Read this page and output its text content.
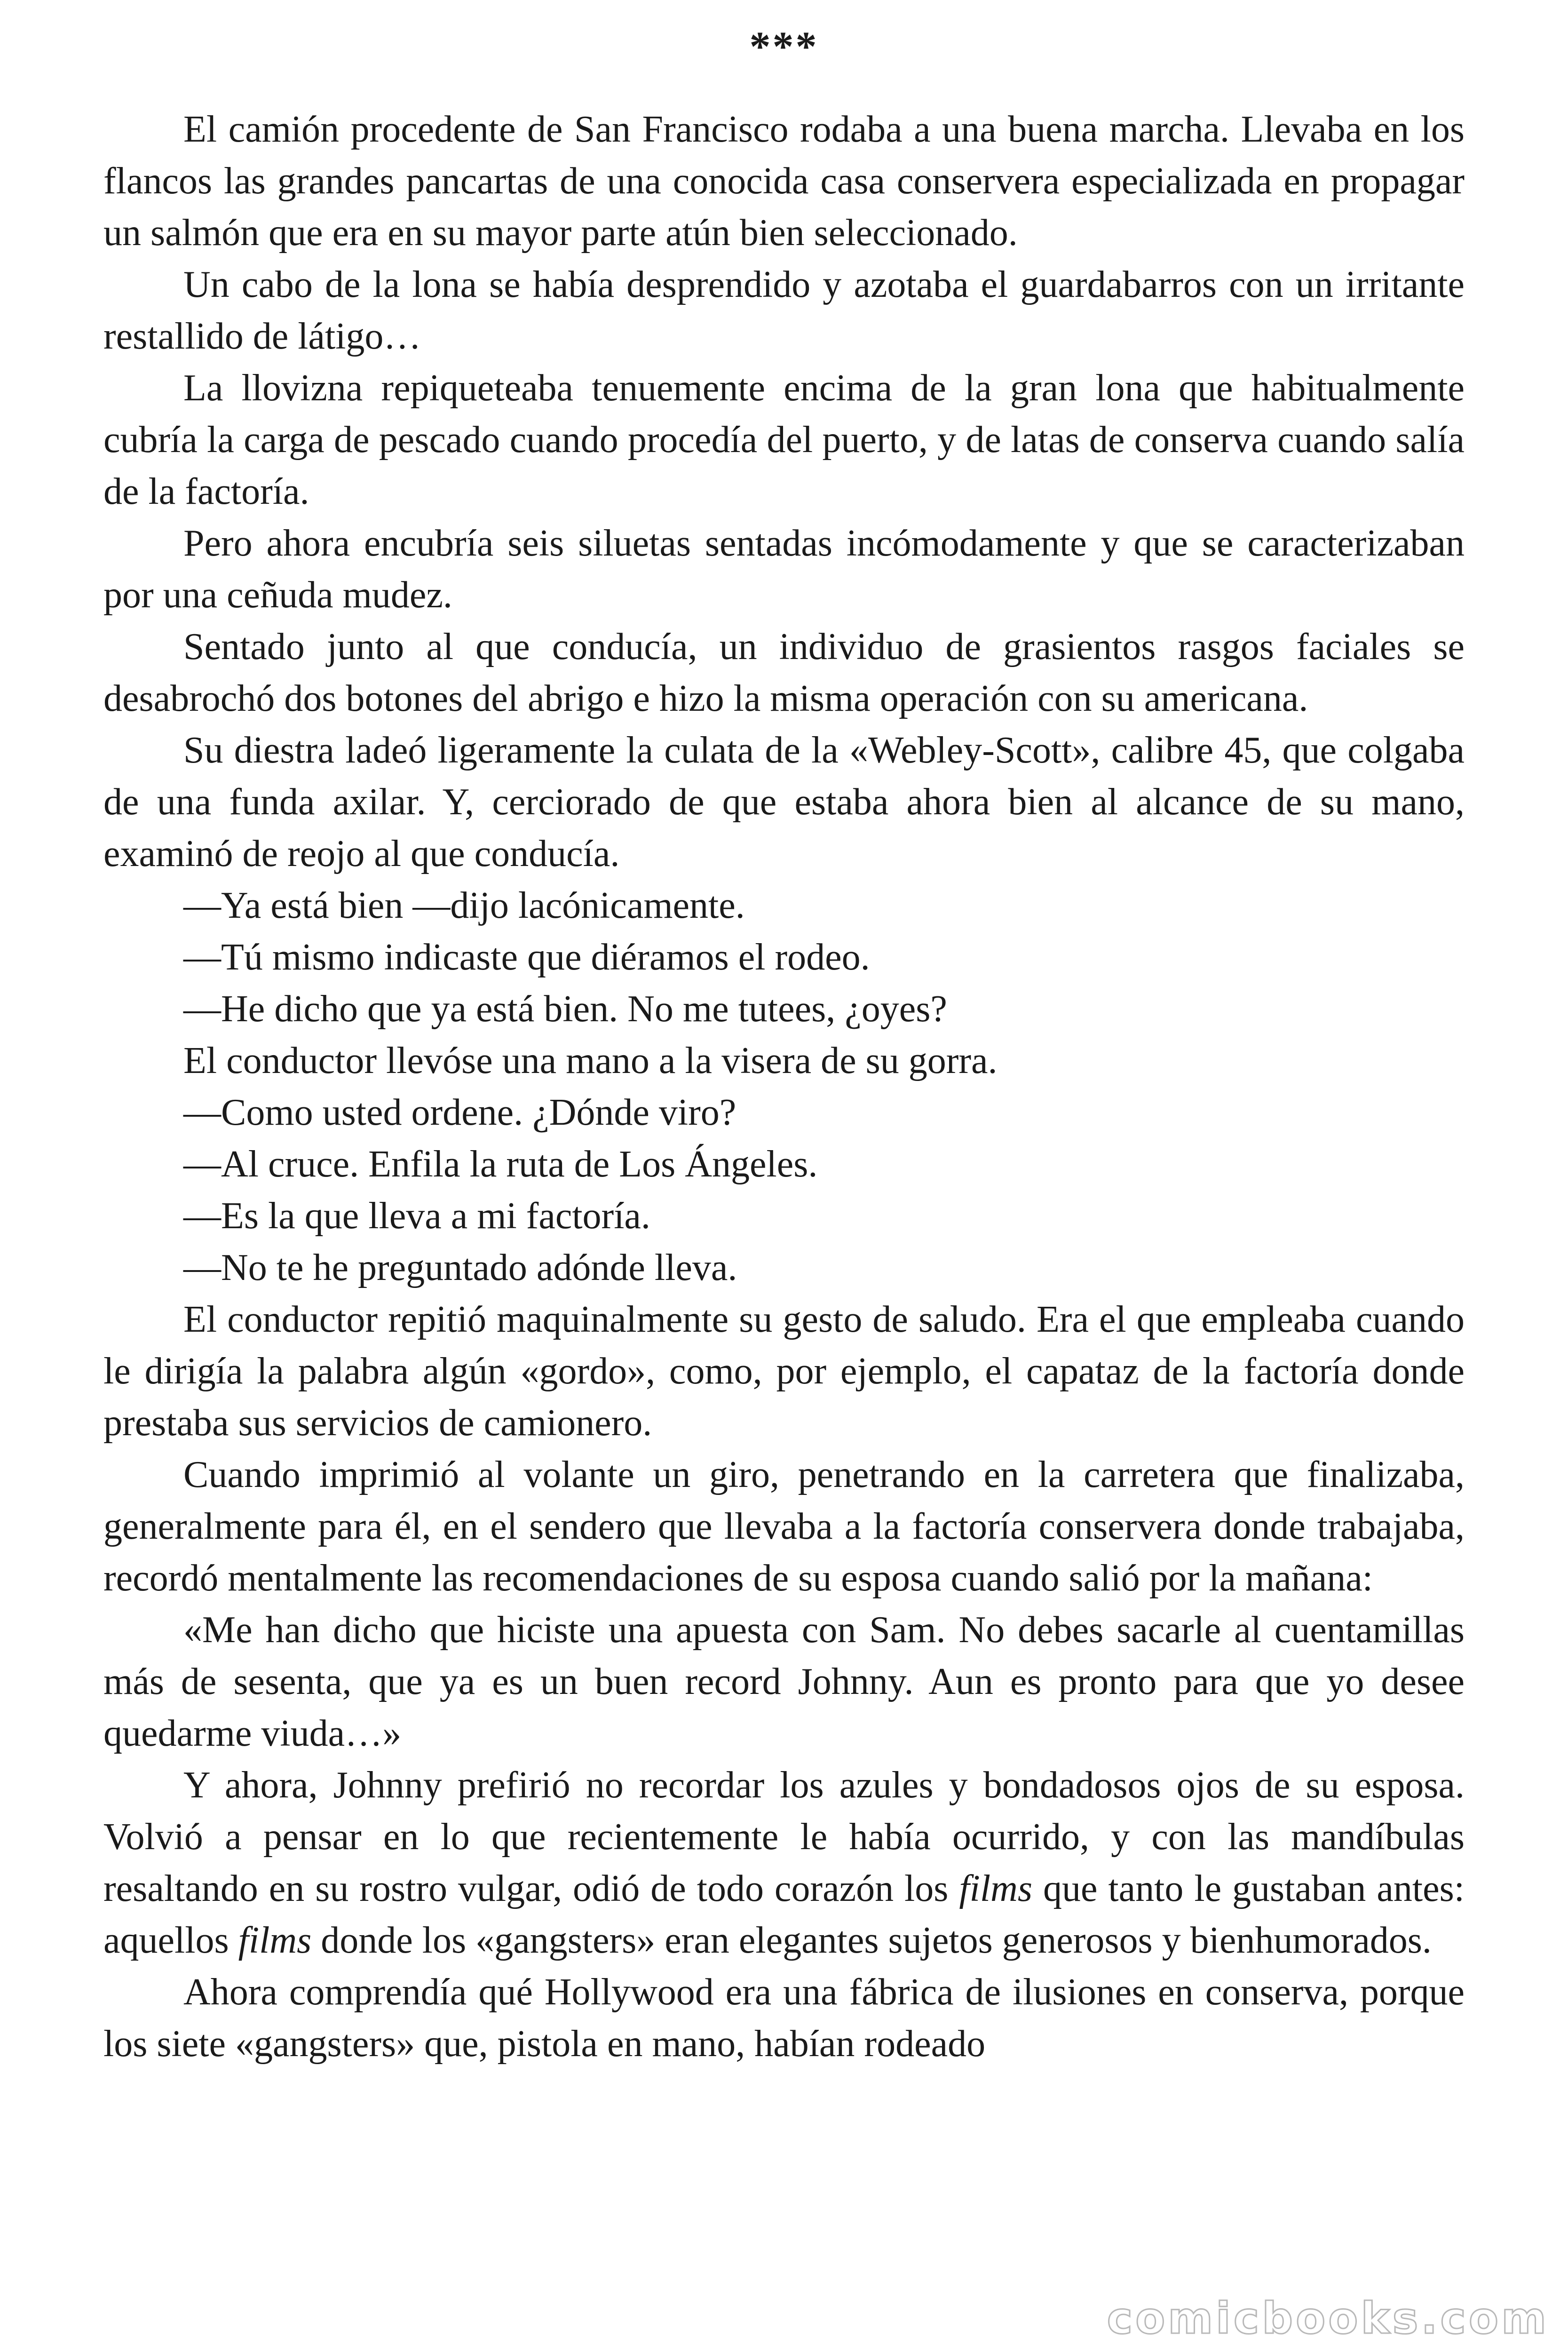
***

El camión procedente de San Francisco rodaba a una buena marcha. Llevaba en los flancos las grandes pancartas de una conocida casa conservera especializada en propagar un salmón que era en su mayor parte atún bien seleccionado.

Un cabo de la lona se había desprendido y azotaba el guardabarros con un irritante restallido de látigo…

La llovizna repiqueteaba tenuemente encima de la gran lona que habitualmente cubría la carga de pescado cuando procedía del puerto, y de latas de conserva cuando salía de la factoría.

Pero ahora encubría seis siluetas sentadas incómodamente y que se caracterizaban por una ceñuda mudez.

Sentado junto al que conducía, un individuo de grasientos rasgos faciales se desabrochó dos botones del abrigo e hizo la misma operación con su americana.

Su diestra ladeó ligeramente la culata de la «Webley-Scott», calibre 45, que colgaba de una funda axilar. Y, cerciorado de que estaba ahora bien al alcance de su mano, examinó de reojo al que conducía.

—Ya está bien —dijo lacónicamente.

—Tú mismo indicaste que diéramos el rodeo.

—He dicho que ya está bien. No me tutees, ¿oyes?

El conductor llevóse una mano a la visera de su gorra.

—Como usted ordene. ¿Dónde viro?

—Al cruce. Enfila la ruta de Los Ángeles.

—Es la que lleva a mi factoría.

—No te he preguntado adónde lleva.

El conductor repitió maquinalmente su gesto de saludo. Era el que empleaba cuando le dirigía la palabra algún «gordo», como, por ejemplo, el capataz de la factoría donde prestaba sus servicios de camionero.

Cuando imprimió al volante un giro, penetrando en la carretera que finalizaba, generalmente para él, en el sendero que llevaba a la factoría conservera donde trabajaba, recordó mentalmente las recomendaciones de su esposa cuando salió por la mañana:

«Me han dicho que hiciste una apuesta con Sam. No debes sacarle al cuentamillas más de sesenta, que ya es un buen record Johnny. Aun es pronto para que yo desee quedarme viuda…»

Y ahora, Johnny prefirió no recordar los azules y bondadosos ojos de su esposa. Volvió a pensar en lo que recientemente le había ocurrido, y con las mandíbulas resaltando en su rostro vulgar, odió de todo corazón los films que tanto le gustaban antes: aquellos films donde los «gangsters» eran elegantes sujetos generosos y bienhumorados.

Ahora comprendía qué Hollywood era una fábrica de ilusiones en conserva, porque los siete «gangsters» que, pistola en mano, habían rodeado

comicbooks.com
